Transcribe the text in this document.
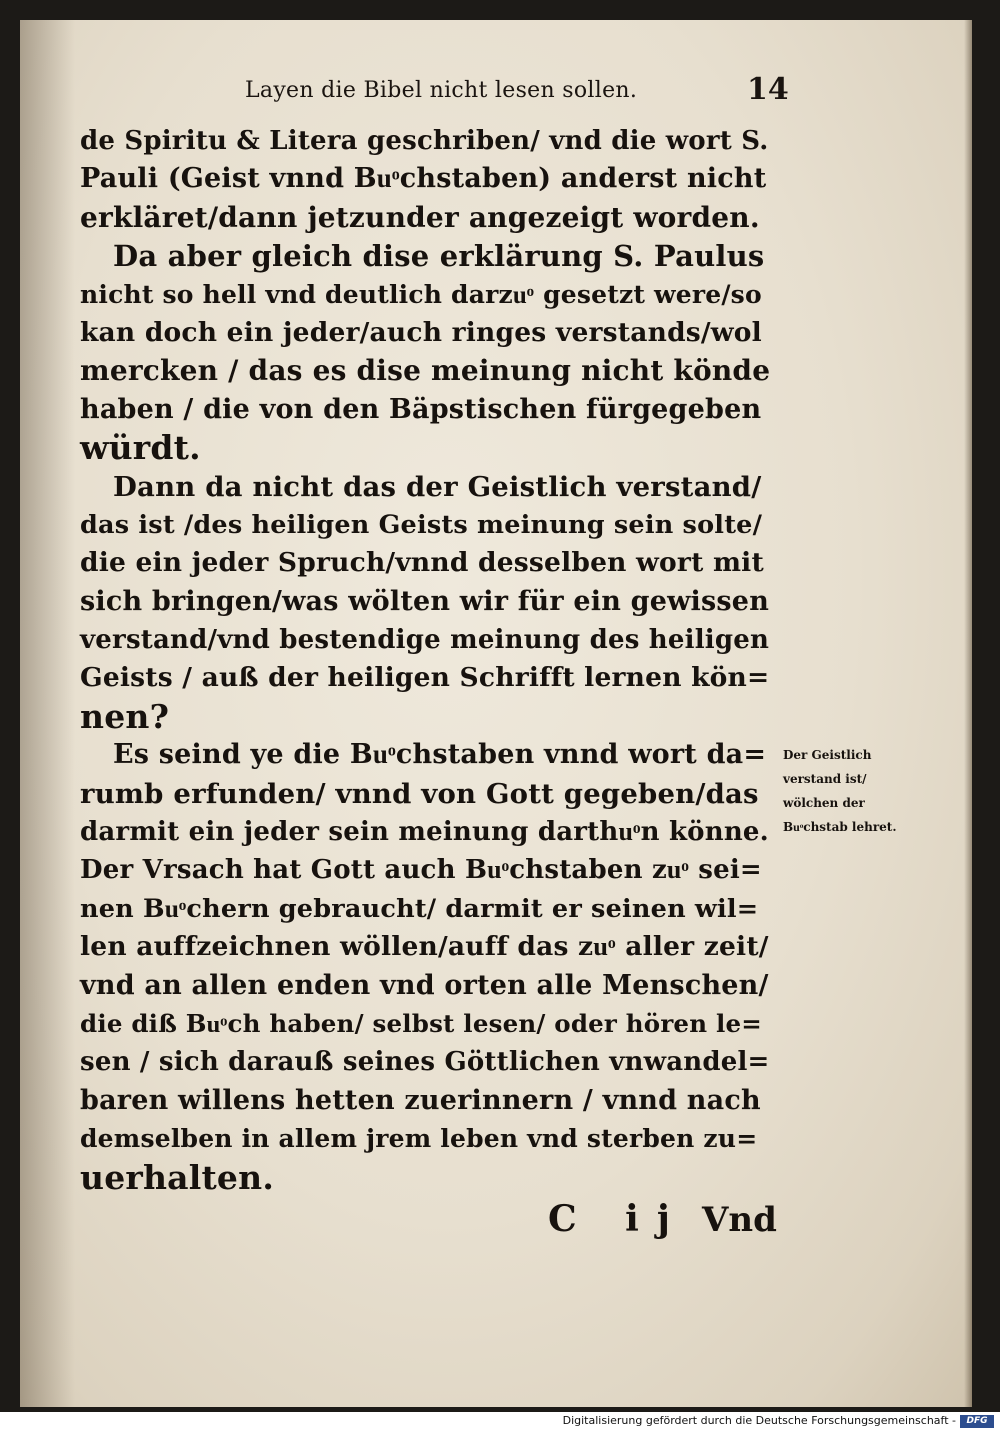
Layen die Bibel nicht lesen sollen.	14
de Spiritu & Litera geschriben/ vnd die wort S.
Pauli (Geist vnnd Buͦchstaben) anderst nicht
erkläret/dann jetzunder angezeigt worden.
Da aber gleich dise erklärung S. Paulus
nicht so hell vnd deutlich darzuͦ gesetzt were/so
kan doch ein jeder/auch ringes verstands/wol
mercken / das es dise meinung nicht könde
haben / die von den Bäpstischen fürgegeben
würdt.
Dann da nicht das der Geistlich verstand/
das ist /des heiligen Geists meinung sein solte/
die ein jeder Spruch/vnnd desselben wort mit
sich bringen/was wölten wir für ein gewissen
verstand/vnd bestendige meinung des heiligen
Geists / auß der heiligen Schrifft lernen kön=
nen?
Es seind ye die Buͦchstaben vnnd wort da=
rumb erfunden/ vnnd von Gott gegeben/das
darmit ein jeder sein meinung darthuͦn könne.
Der Vrsach hat Gott auch Buͦchstaben zuͦ sei=
nen Buͦchern gebraucht/ darmit er seinen wil=
len auffzeichnen wöllen/auff das zuͦ aller zeit/
vnd an allen enden vnd orten alle Menschen/
die diß Buͦch haben/ selbst lesen/ oder hören le=
sen / sich darauß seines Göttlichen vnwandel=
baren willens hetten zuerinnern / vnnd nach
demselben in allem jrem leben vnd sterben zu=
uerhalten.
Der Geistlich
verstand ist/
wölchen der
Buͦchstab lehret.
C ij Vnd
Digitalisierung gefördert durch die Deutsche Forschungsgemeinschaft -	DFG
